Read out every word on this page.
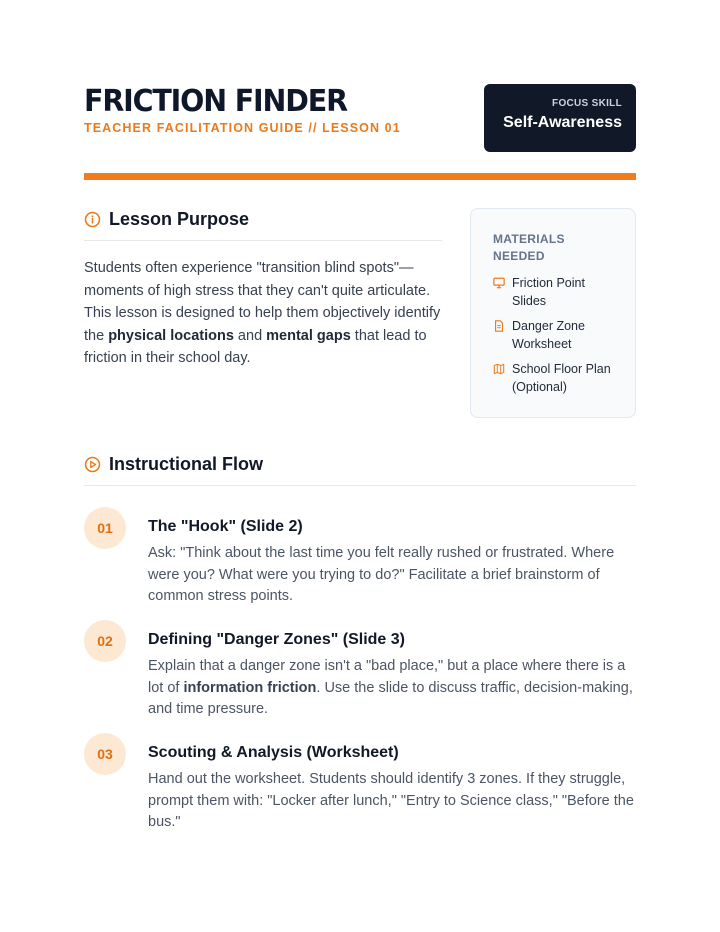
FRICTION FINDER
TEACHER FACILITATION GUIDE // LESSON 01
FOCUS SKILL
Self-Awareness
Lesson Purpose

Students often experience "transition blind spots"—moments of high stress that they can't quite articulate. This lesson is designed to help them objectively identify the physical locations and mental gaps that lead to friction in their school day.

MATERIALS NEEDED
Friction Point Slides
Danger Zone Worksheet
School Floor Plan (Optional)
Instructional Flow
01	The "Hook" (Slide 2)

Ask: "Think about the last time you felt really rushed or frustrated. Where were you? What were you trying to do?" Facilitate a brief brainstorm of common stress points.

02	Defining "Danger Zones" (Slide 3)

Explain that a danger zone isn't a "bad place," but a place where there is a lot of information friction. Use the slide to discuss traffic, decision-making, and time pressure.

03	Scouting & Analysis (Worksheet)

Hand out the worksheet. Students should identify 3 zones. If they struggle, prompt them with: "Locker after lunch," "Entry to Science class," "Before the bus."
